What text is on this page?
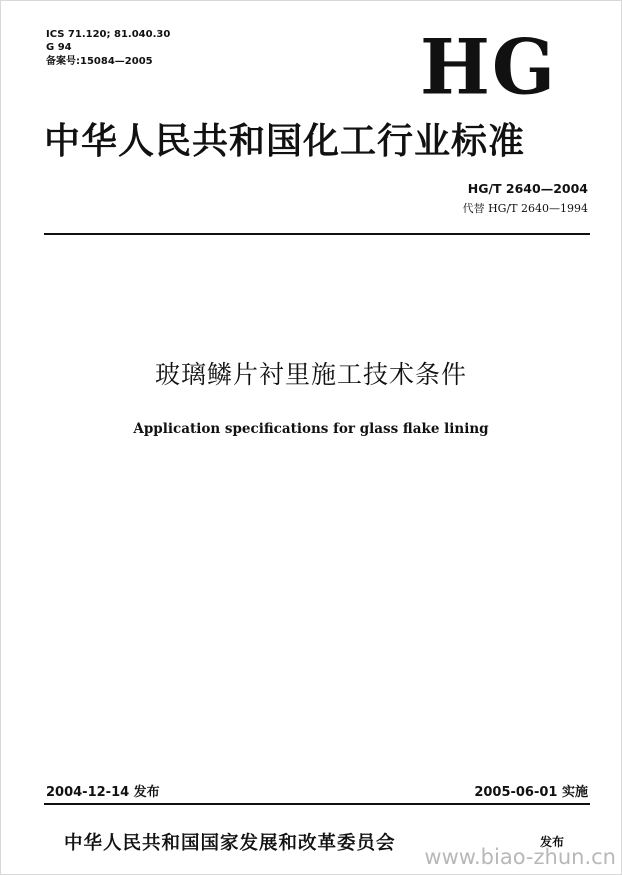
ICS 71.120; 81.040.30
G 94
备案号:15084—2005	HG
中华人民共和国化工行业标准
HG/T 2640—2004
代替 HG/T 2640—1994
玻璃鳞片衬里施工技术条件
Application specifications for glass flake lining
2004-12-14 发布	2005-06-01 实施
中华人民共和国国家发展和改革委员会	发布
www.biao-zhun.cn
